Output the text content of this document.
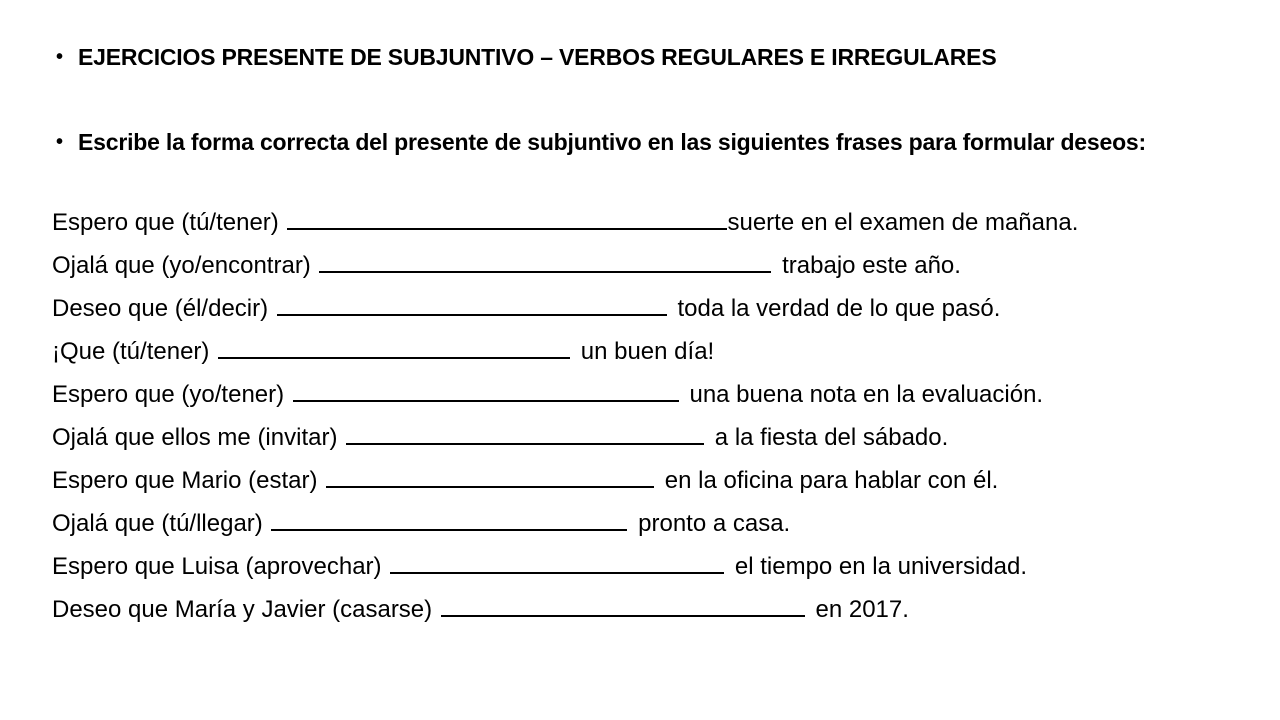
• EJERCICIOS PRESENTE DE SUBJUNTIVO – VERBOS REGULARES E IRREGULARES
• Escribe la forma correcta del presente de subjuntivo en las siguientes frases para formular deseos:
Espero que (tú/tener)	suerte en el examen de mañana.
Ojalá que (yo/encontrar)	trabajo este año.
Deseo que (él/decir)	toda la verdad de lo que pasó.
¡Que (tú/tener)	un buen día!
Espero que (yo/tener)	una buena nota en la evaluación.
Ojalá que ellos me (invitar)	a la fiesta del sábado.
Espero que Mario (estar)	en la oficina para hablar con él.
Ojalá que (tú/llegar)	pronto a casa.
Espero que Luisa (aprovechar)	el tiempo en la universidad.
Deseo que María y Javier (casarse)	en 2017.
